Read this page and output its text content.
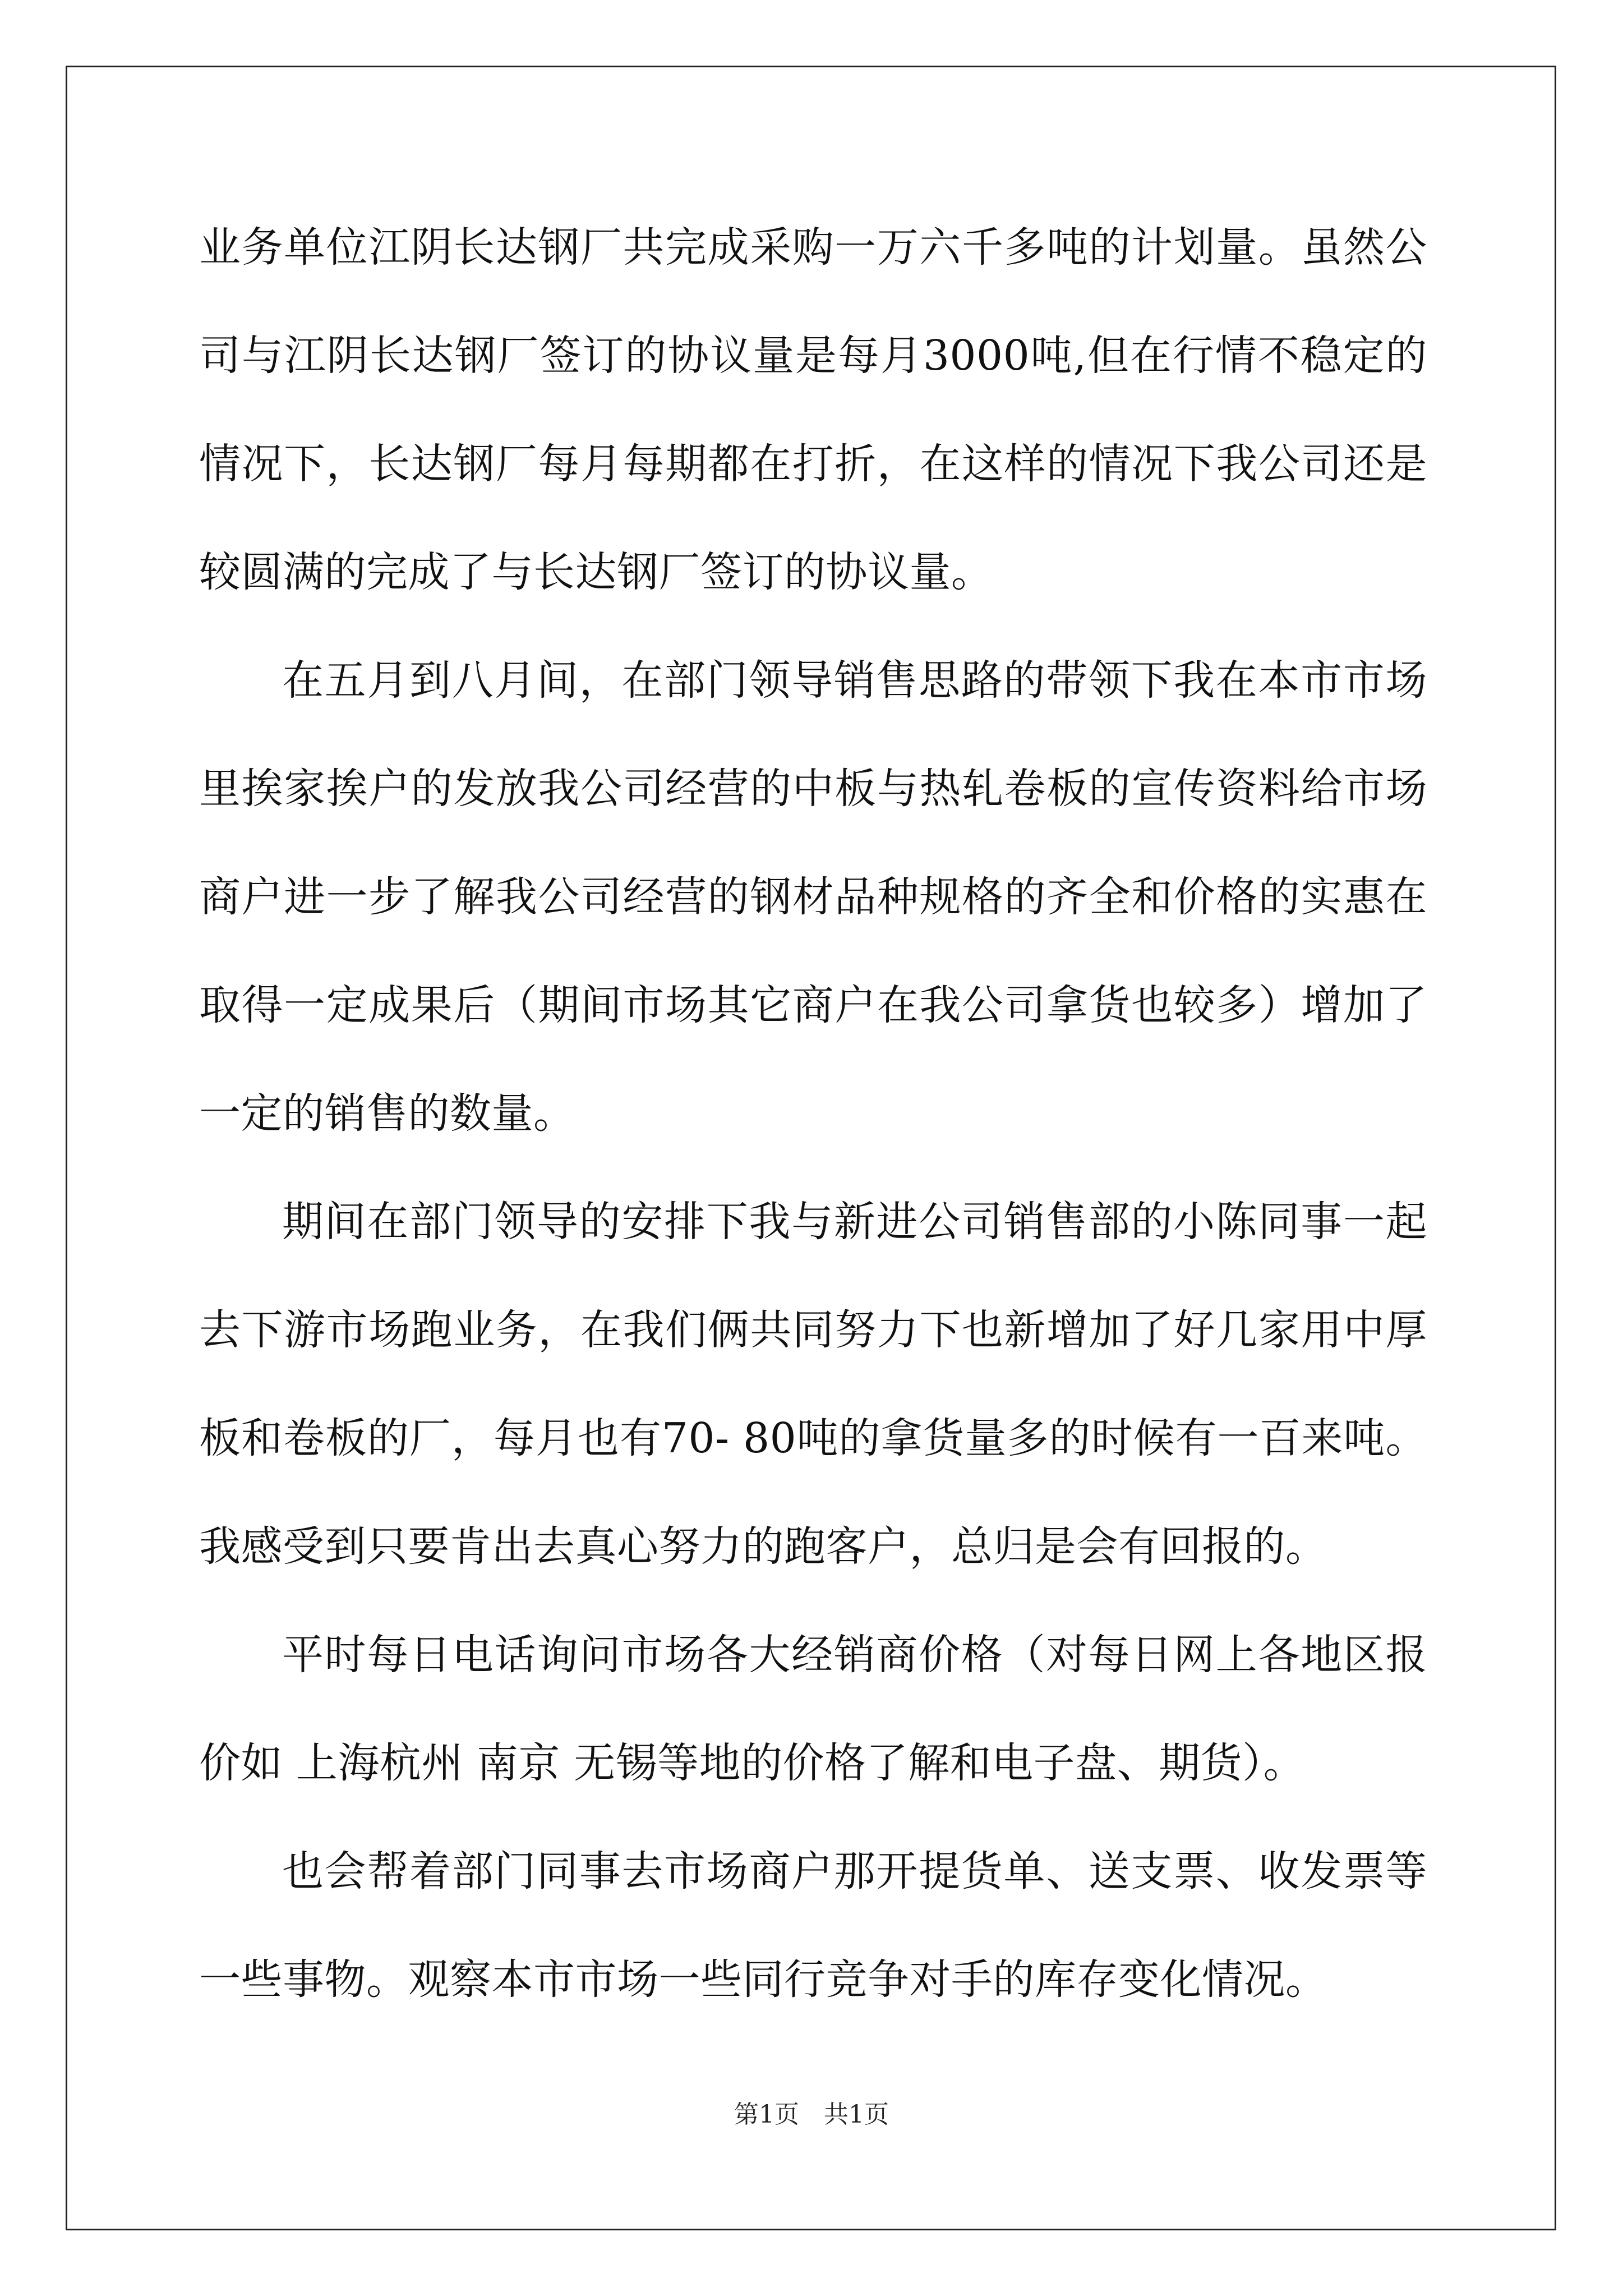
业务单位江阴长达钢厂共完成采购一万六千多吨的计划量。虽然公司与江阴长达钢厂签订的协议量是每月3000吨,但在行情不稳定的情况下，长达钢厂每月每期都在打折，在这样的情况下我公司还是较圆满的完成了与长达钢厂签订的协议量。

在五月到八月间，在部门领导销售思路的带领下我在本市市场里挨家挨户的发放我公司经营的中板与热轧卷板的宣传资料给市场商户进一步了解我公司经营的钢材品种规格的齐全和价格的实惠在取得一定成果后（期间市场其它商户在我公司拿货也较多）增加了一定的销售的数量。

期间在部门领导的安排下我与新进公司销售部的小陈同事一起去下游市场跑业务，在我们俩共同努力下也新增加了好几家用中厚板和卷板的厂，每月也有70- 80吨的拿货量多的时候有一百来吨。我感受到只要肯出去真心努力的跑客户，总归是会有回报的。

平时每日电话询问市场各大经销商价格（对每日网上各地区报价如 上海杭州 南京 无锡等地的价格了解和电子盘、期货）。

也会帮着部门同事去市场商户那开提货单、送支票、收发票等一些事物。观察本市市场一些同行竞争对手的库存变化情况。

第1页 共1页
